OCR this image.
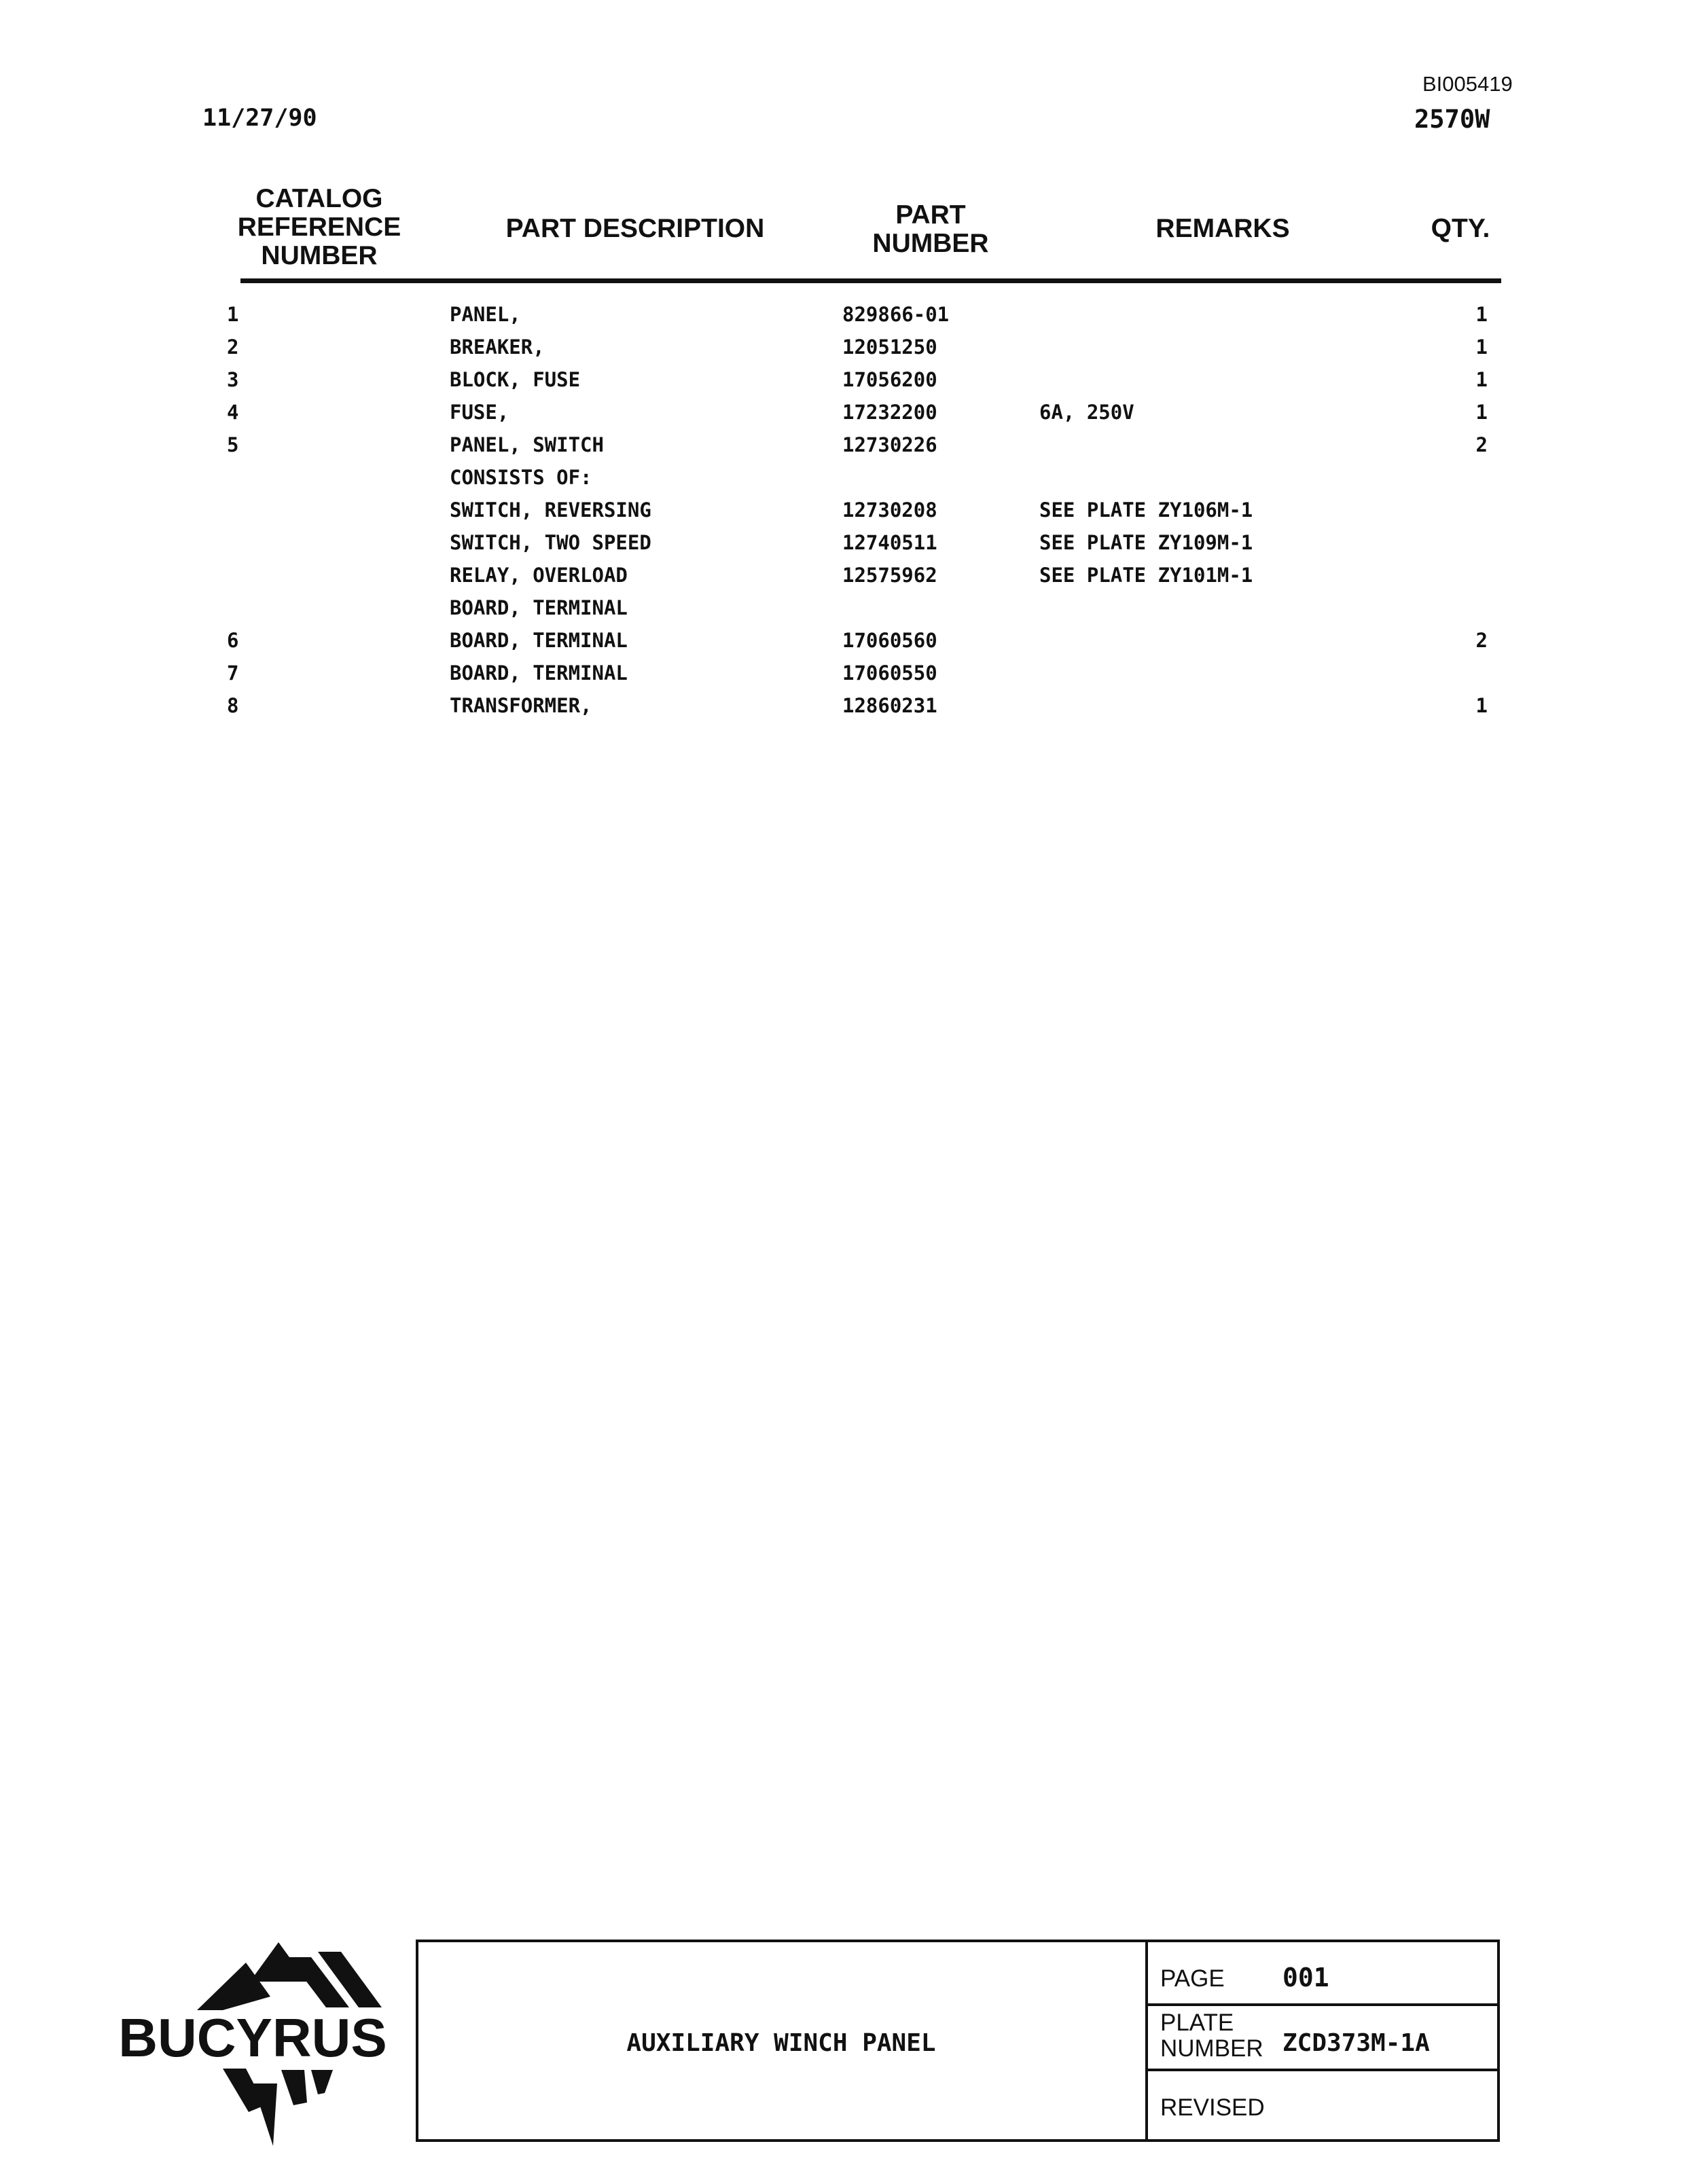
BI005419
11/27/90	2570W
CATALOG
REFERENCE
NUMBER
PART DESCRIPTION	PART
NUMBER
REMARKS	QTY.
1	PANEL,	829866-01	1
2	BREAKER,	12051250	1
3	BLOCK, FUSE	17056200	1
4	FUSE,	17232200	6A, 250V	1
5	PANEL, SWITCH	12730226	2
CONSISTS OF:
SWITCH, REVERSING	12730208	SEE PLATE ZY106M-1
SWITCH, TWO SPEED	12740511	SEE PLATE ZY109M-1
RELAY, OVERLOAD	12575962	SEE PLATE ZY101M-1
BOARD, TERMINAL
6	BOARD, TERMINAL	17060560	2
7	BOARD, TERMINAL	17060550
8	TRANSFORMER,	12860231	1
BUCYRUS	AUXILIARY WINCH PANEL
PAGE 001
PLATE
NUMBER ZCD373M-1A
REVISED
